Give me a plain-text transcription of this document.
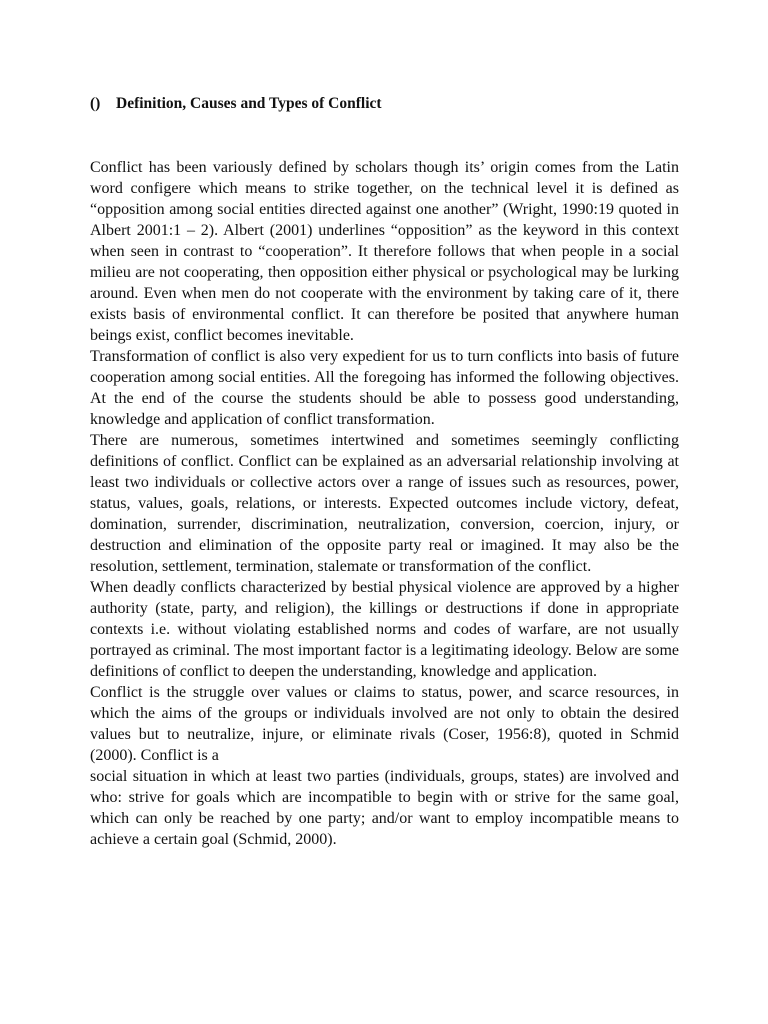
() Definition, Causes and Types of Conflict

Conflict has been variously defined by scholars though its’ origin comes from the Latin word configere which means to strike together, on the technical level it is defined as “opposition among social entities directed against one another” (Wright, 1990:19 quoted in Albert 2001:1 – 2). Albert (2001) underlines “opposition” as the keyword in this context when seen in contrast to “cooperation”. It therefore follows that when people in a social milieu are not cooperating, then opposition either physical or psychological may be lurking around. Even when men do not cooperate with the environment by taking care of it, there exists basis of environmental conflict. It can therefore be posited that anywhere human beings exist, conflict becomes inevitable.

Transformation of conflict is also very expedient for us to turn conflicts into basis of future cooperation among social entities. All the foregoing has informed the following objectives. At the end of the course the students should be able to possess good understanding, knowledge and application of conflict transformation.

There are numerous, sometimes intertwined and sometimes seemingly conflicting definitions of conflict. Conflict can be explained as an adversarial relationship involving at least two individuals or collective actors over a range of issues such as resources, power, status, values, goals, relations, or interests. Expected outcomes include victory, defeat, domination, surrender, discrimination, neutralization, conversion, coercion, injury, or destruction and elimination of the opposite party real or imagined. It may also be the resolution, settlement, termination, stalemate or transformation of the conflict.

When deadly conflicts characterized by bestial physical violence are approved by a higher authority (state, party, and religion), the killings or destructions if done in appropriate contexts i.e. without violating established norms and codes of warfare, are not usually portrayed as criminal. The most important factor is a legitimating ideology. Below are some definitions of conflict to deepen the understanding, knowledge and application.

Conflict is the struggle over values or claims to status, power, and scarce resources, in which the aims of the groups or individuals involved are not only to obtain the desired values but to neutralize, injure, or eliminate rivals (Coser, 1956:8), quoted in Schmid (2000). Conflict is a

social situation in which at least two parties (individuals, groups, states) are involved and who: strive for goals which are incompatible to begin with or strive for the same goal, which can only be reached by one party; and/or want to employ incompatible means to achieve a certain goal (Schmid, 2000).
